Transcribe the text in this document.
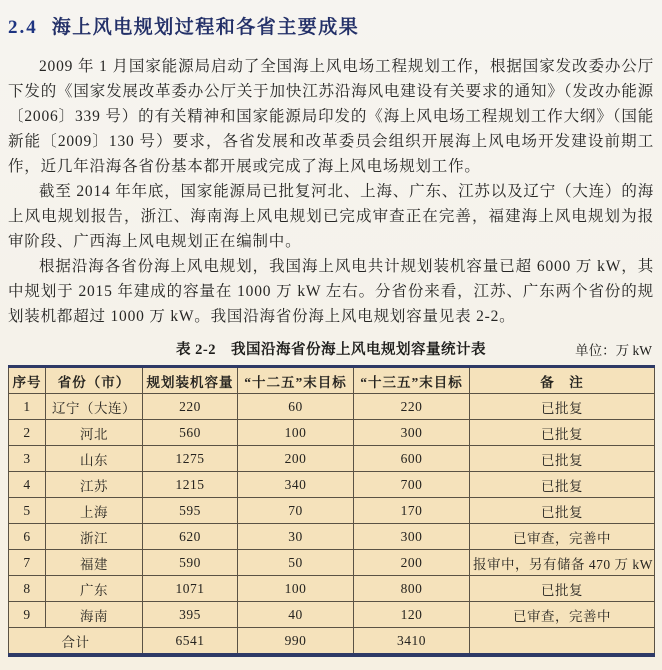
2.4 海上风电规划过程和各省主要成果

2009 年 1 月国家能源局启动了全国海上风电场工程规划工作，根据国家发改委办公厅下发的《国家发展改革委办公厅关于加快江苏沿海风电建设有关要求的通知》（发改办能源〔2006〕339 号）的有关精神和国家能源局印发的《海上风电场工程规划工作大纲》（国能新能〔2009〕130 号）要求，各省发展和改革委员会组织开展海上风电场开发建设前期工作，近几年沿海各省份基本都开展或完成了海上风电场规划工作。

截至 2014 年年底，国家能源局已批复河北、上海、广东、江苏以及辽宁（大连）的海上风电规划报告，浙江、海南海上风电规划已完成审查正在完善，福建海上风电规划为报审阶段、广西海上风电规划正在编制中。

根据沿海各省份海上风电规划，我国海上风电共计规划装机容量已超 6000 万 kW，其中规划于 2015 年建成的容量在 1000 万 kW 左右。分省份来看，江苏、广东两个省份的规划装机都超过 1000 万 kW。我国沿海省份海上风电规划容量见表 2-2。

表 2-2　我国沿海省份海上风电规划容量统计表	单位：万 kW
序号	省份（市）	规划装机容量	“十二五”末目标	“十三五”末目标	备　注
1	辽宁（大连）	220	60	220	已批复
2	河北	560	100	300	已批复
3	山东	1275	200	600	已批复
4	江苏	1215	340	700	已批复
5	上海	595	70	170	已批复
6	浙江	620	30	300	已审查，完善中
7	福建	590	50	200	报审中，另有储备 470 万 kW
8	广东	1071	100	800	已批复
9	海南	395	40	120	已审查，完善中
合计		6541	990	3410	
